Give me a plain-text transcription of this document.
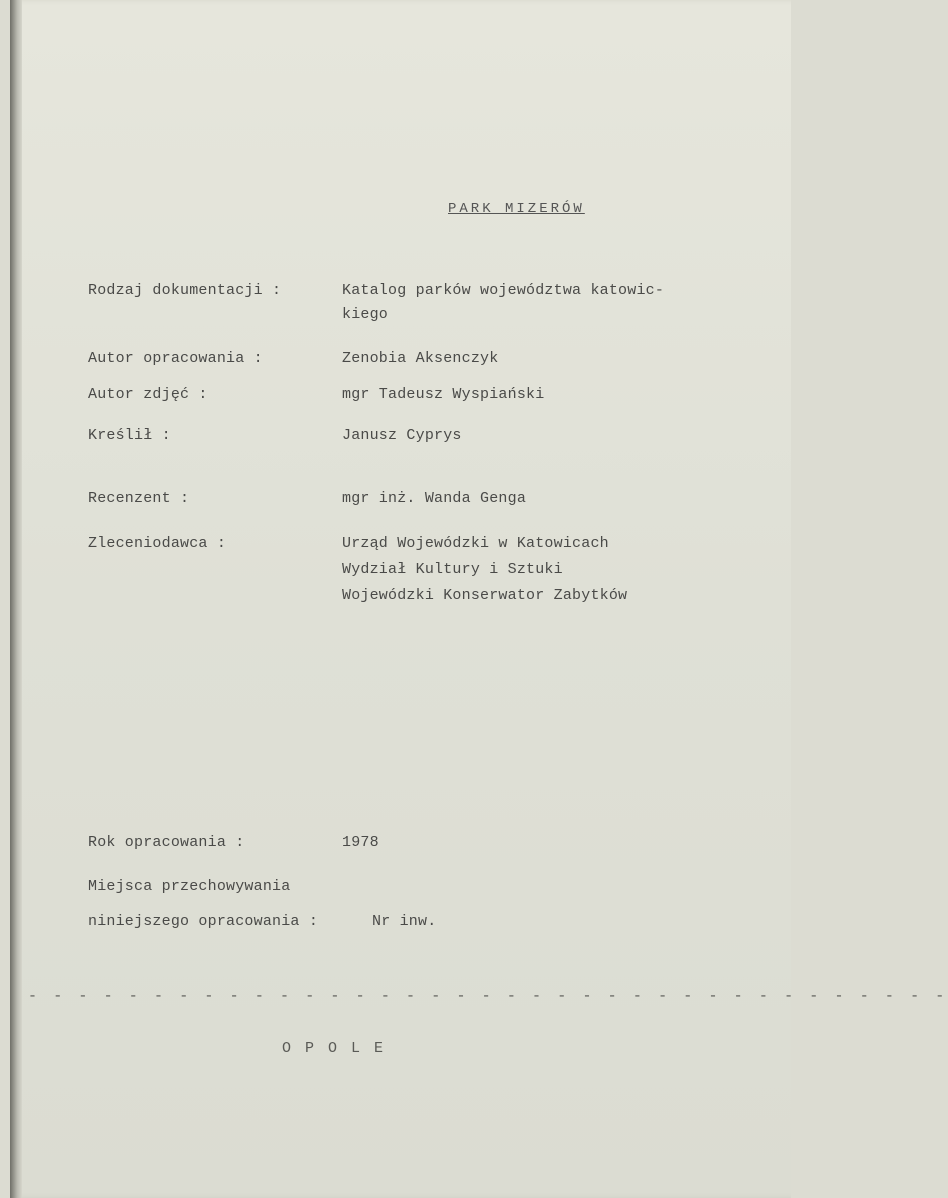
PARK MIZERÓW
Rodzaj dokumentacji :	Katalog parków województwa katowic-
kiego
Autor opracowania :	Zenobia Aksenczyk
Autor zdjęć :	mgr Tadeusz Wyspiański
Kreślił :	Janusz Cyprys
Recenzent :	mgr inż. Wanda Genga
Zleceniodawca :	Urząd Wojewódzki w Katowicach
Wydział Kultury i Sztuki
Wojewódzki Konserwator Zabytków
Rok opracowania :	1978
Miejsca przechowywania
niniejszego opracowania :	Nr inw.
- - - - - - - - - - - - - - - - - - - - - - - - - - - - - - - - - - - - -
OPOLE
